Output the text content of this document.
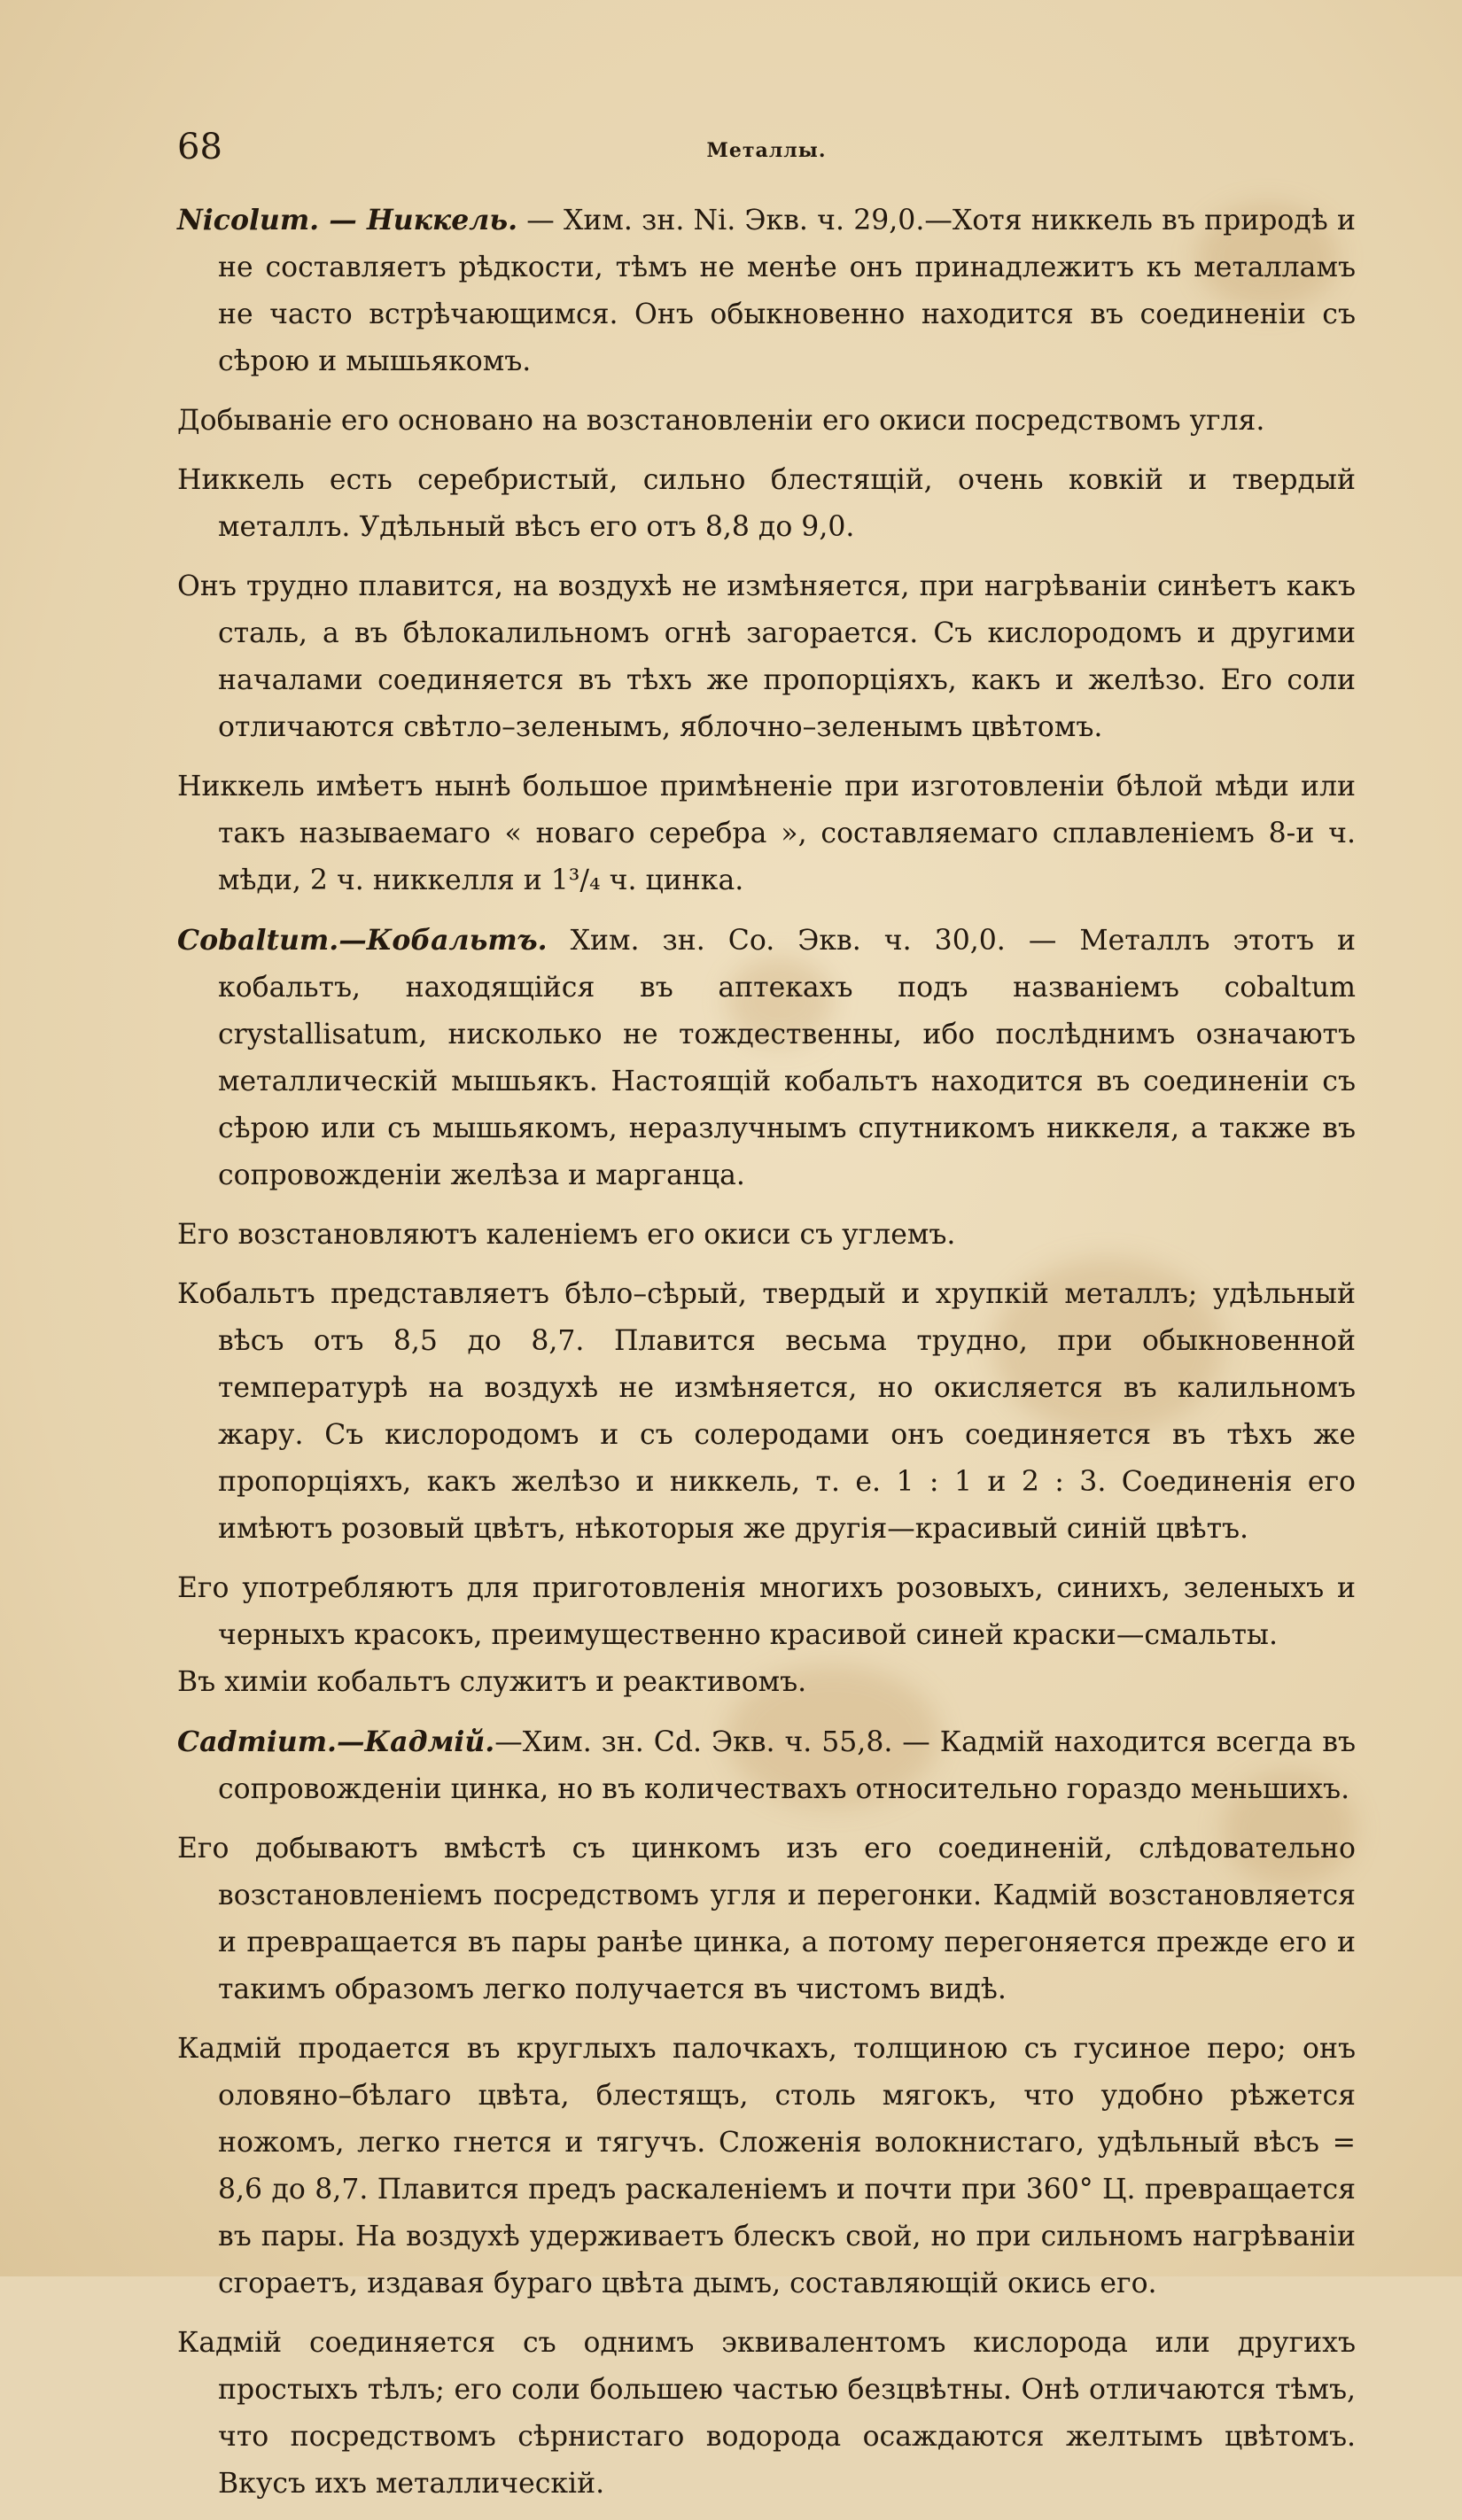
68	Металлы.

Nicolum. — Никкель. — Хим. зн. Ni. Экв. ч. 29,0.—Хотя никкель въ природѣ и не составляетъ рѣдкости, тѣмъ не менѣе онъ принадлежитъ къ металламъ не часто встрѣчающимся. Онъ обыкновенно находится въ соединеніи съ сѣрою и мышьякомъ.

Добываніе его основано на возстановленіи его окиси посредствомъ угля.

Никкель есть серебристый, сильно блестящій, очень ковкій и твердый металлъ. Удѣльный вѣсъ его отъ 8,8 до 9,0.

Онъ трудно плавится, на воздухѣ не измѣняется, при нагрѣваніи синѣетъ какъ сталь, а въ бѣлокалильномъ огнѣ загорается. Съ кислородомъ и другими началами соединяется въ тѣхъ же пропорціяхъ, какъ и желѣзо. Его соли отличаются свѣтло–зеленымъ, яблочно–зеленымъ цвѣтомъ.

Никкель имѣетъ нынѣ большое примѣненіе при изготовленіи бѣлой мѣди или такъ называемаго « новаго серебра », составляемаго сплавленіемъ 8-и ч. мѣди, 2 ч. никкелля и 1³/₄ ч. цинка.

Cobaltum.—Кобальтъ. Хим. зн. Co. Экв. ч. 30,0. — Металлъ этотъ и кобальтъ, находящійся въ аптекахъ подъ названіемъ cobaltum crystallisatum, нисколько не тождественны, ибо послѣднимъ означаютъ металлическій мышьякъ. Настоящій кобальтъ находится въ соединеніи съ сѣрою или съ мышьякомъ, неразлучнымъ спутникомъ никкеля, а также въ сопровожденіи желѣза и марганца.

Его возстановляютъ каленіемъ его окиси съ углемъ.

Кобальтъ представляетъ бѣло–сѣрый, твердый и хрупкій металлъ; удѣльный вѣсъ отъ 8,5 до 8,7. Плавится весьма трудно, при обыкновенной температурѣ на воздухѣ не измѣняется, но окисляется въ калильномъ жару. Съ кислородомъ и съ солеродами онъ соединяется въ тѣхъ же пропорціяхъ, какъ желѣзо и никкель, т. е. 1 : 1 и 2 : 3. Соединенія его имѣютъ розовый цвѣтъ, нѣкоторыя же другія—красивый синій цвѣтъ.

Его употребляютъ для приготовленія многихъ розовыхъ, синихъ, зеленыхъ и черныхъ красокъ, преимущественно красивой синей краски—смальты.

Въ химіи кобальтъ служитъ и реактивомъ.

Cadmium.—Кадмій.—Хим. зн. Cd. Экв. ч. 55,8. — Кадмій находится всегда въ сопровожденіи цинка, но въ количествахъ относительно гораздо меньшихъ.

Его добываютъ вмѣстѣ съ цинкомъ изъ его соединеній, слѣдовательно возстановленіемъ посредствомъ угля и перегонки. Кадмій возстановляется и превращается въ пары ранѣе цинка, а потому перегоняется прежде его и такимъ образомъ легко получается въ чистомъ видѣ.

Кадмій продается въ круглыхъ палочкахъ, толщиною съ гусиное перо; онъ оловяно–бѣлаго цвѣта, блестящъ, столь мягокъ, что удобно рѣжется ножомъ, легко гнется и тягучъ. Сложенія волокнистаго, удѣльный вѣсъ = 8,6 до 8,7. Плавится предъ раскаленіемъ и почти при 360° Ц. превращается въ пары. На воздухѣ удерживаетъ блескъ свой, но при сильномъ нагрѣваніи сгораетъ, издавая бураго цвѣта дымъ, составляющій окись его.

Кадмій соединяется съ однимъ эквивалентомъ кислорода или другихъ простыхъ тѣлъ; его соли большею частью безцвѣтны. Онѣ отличаются тѣмъ, что посредствомъ сѣрнистаго водорода осаждаются желтымъ цвѣтомъ. Вкусъ ихъ металлическій.
